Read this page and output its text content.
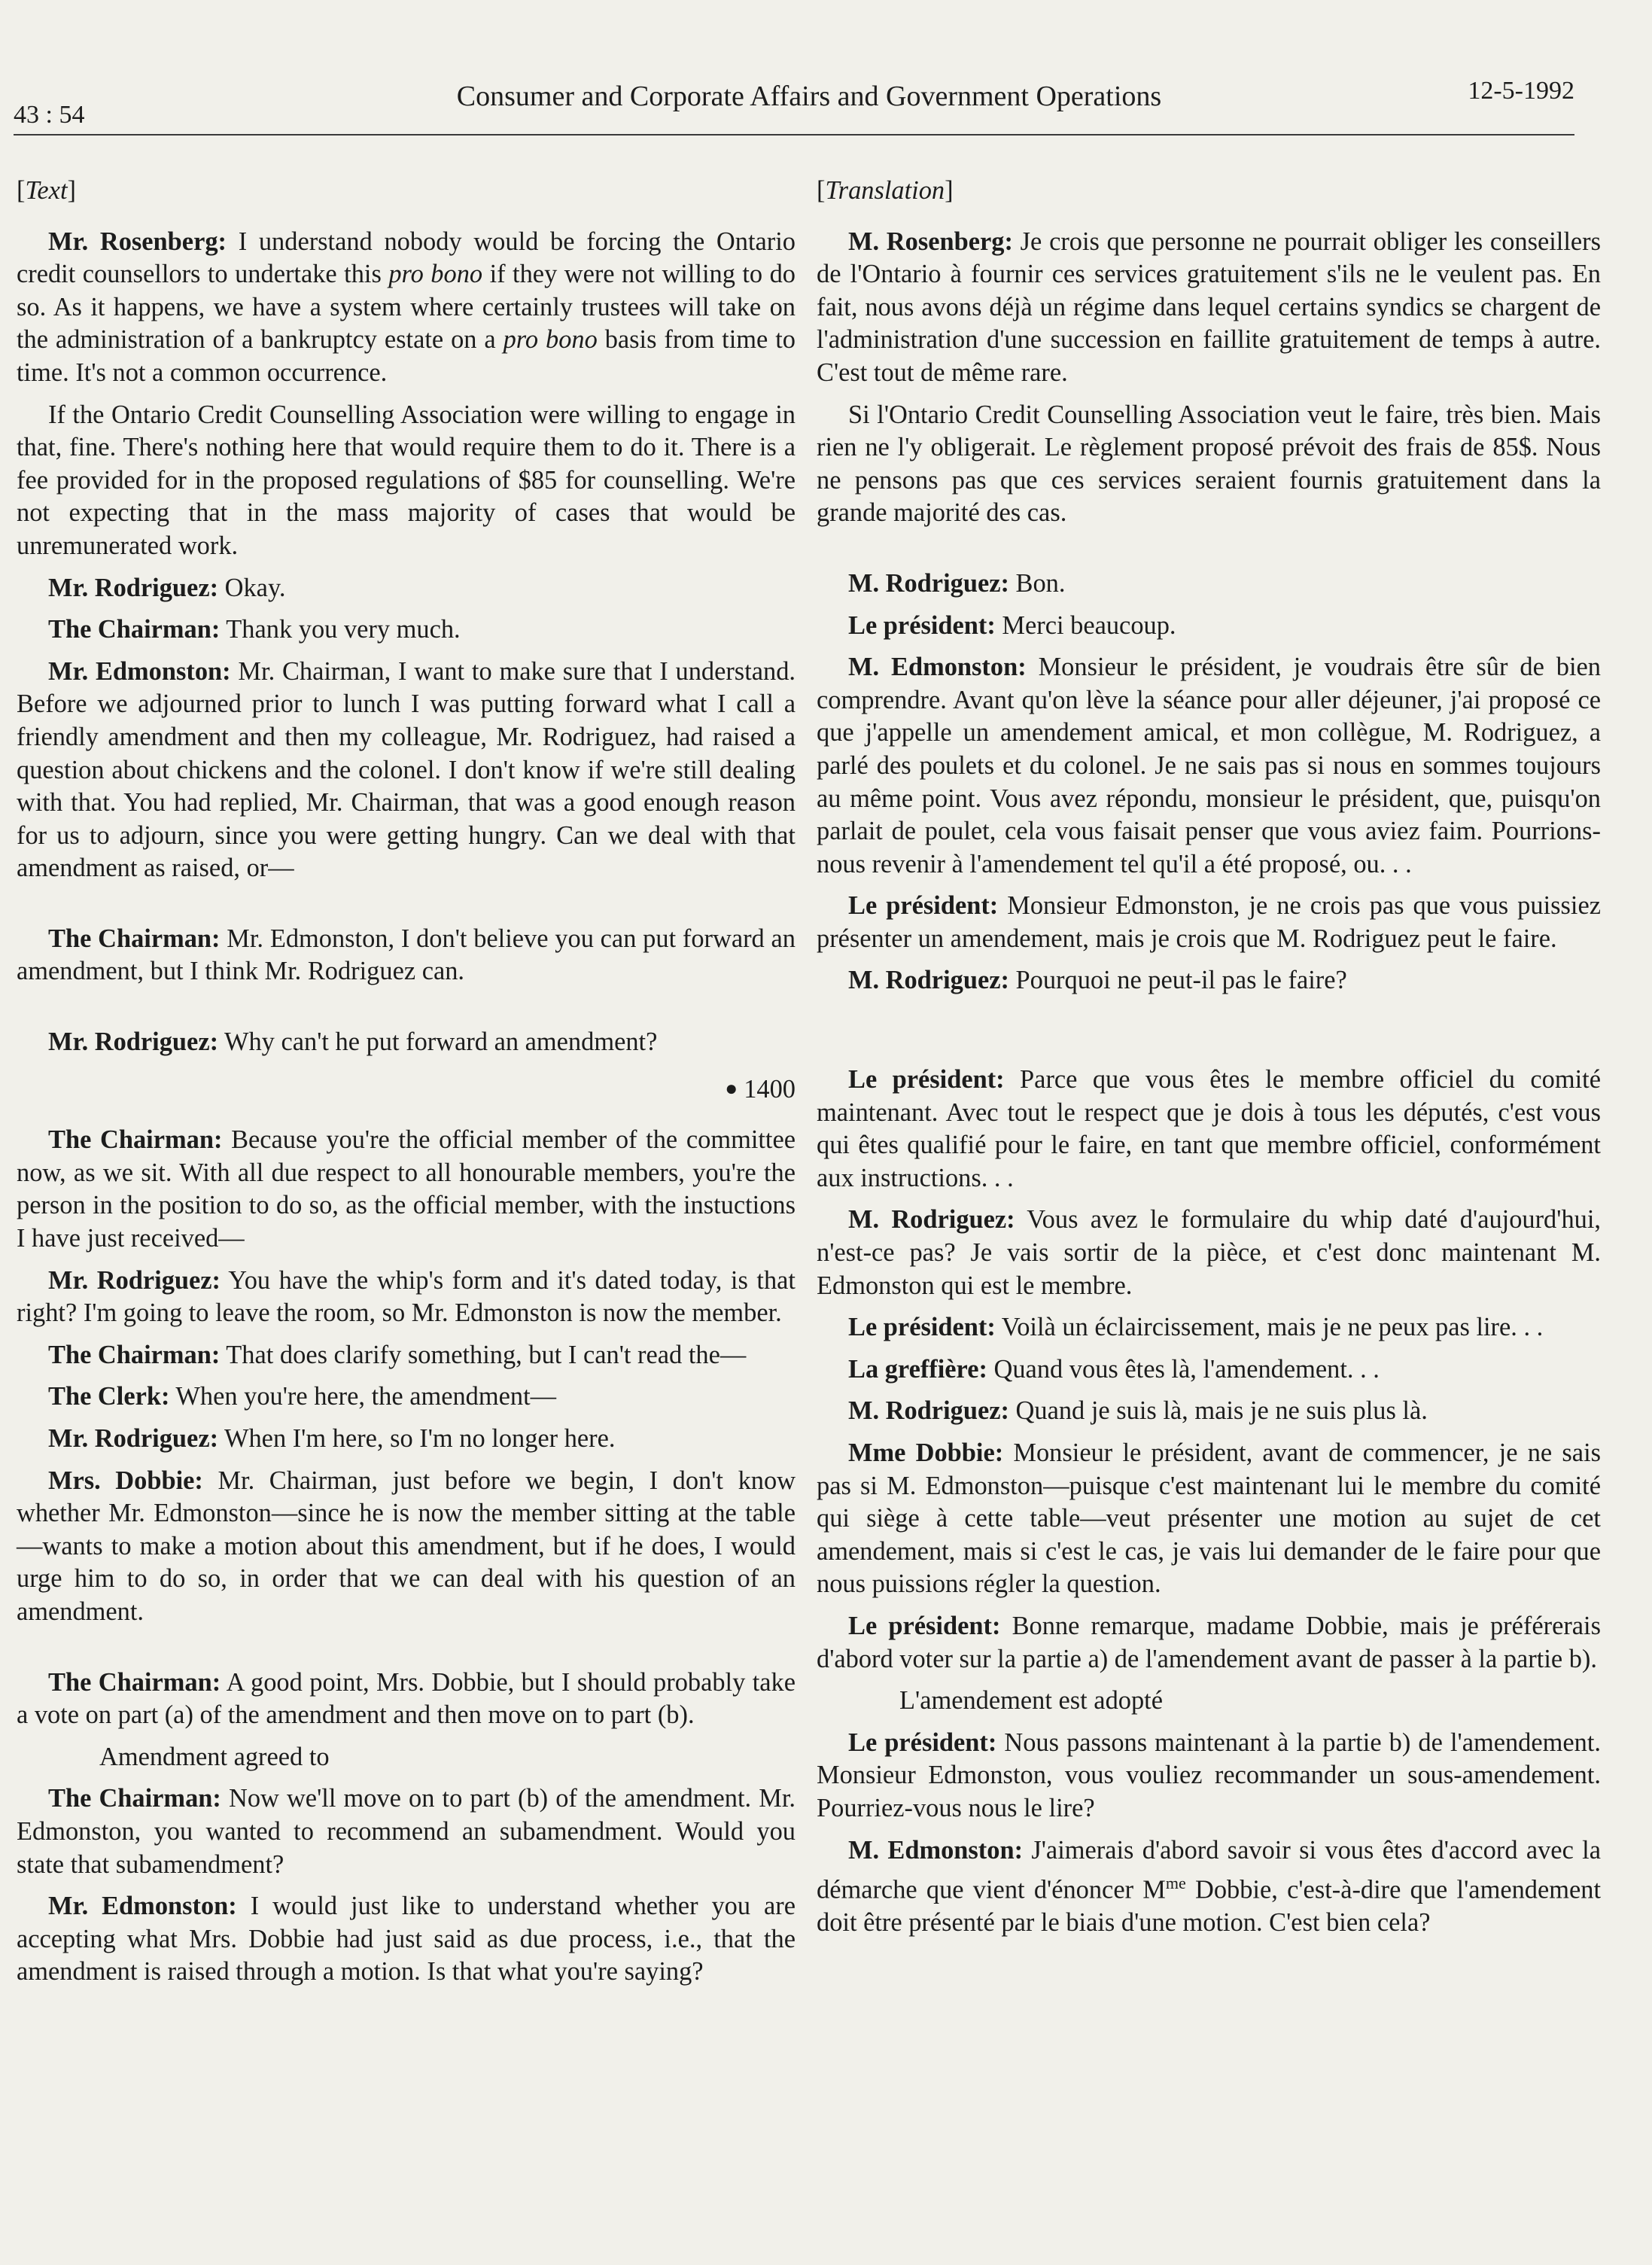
43 : 54
Consumer and Corporate Affairs and Government Operations	12-5-1992
[Text]

Mr. Rosenberg: I understand nobody would be forcing the Ontario credit counsellors to undertake this pro bono if they were not willing to do so. As it happens, we have a system where certainly trustees will take on the administration of a bankruptcy estate on a pro bono basis from time to time. It's not a common occurrence.

If the Ontario Credit Counselling Association were willing to engage in that, fine. There's nothing here that would require them to do it. There is a fee provided for in the proposed regulations of $85 for counselling. We're not expecting that in the mass majority of cases that would be unremunerated work.

Mr. Rodriguez: Okay.

The Chairman: Thank you very much.

Mr. Edmonston: Mr. Chairman, I want to make sure that I understand. Before we adjourned prior to lunch I was putting forward what I call a friendly amendment and then my colleague, Mr. Rodriguez, had raised a question about chickens and the colonel. I don't know if we're still dealing with that. You had replied, Mr. Chairman, that was a good enough reason for us to adjourn, since you were getting hungry. Can we deal with that amendment as raised, or—

The Chairman: Mr. Edmonston, I don't believe you can put forward an amendment, but I think Mr. Rodriguez can.

Mr. Rodriguez: Why can't he put forward an amendment?

● 1400

The Chairman: Because you're the official member of the committee now, as we sit. With all due respect to all honourable members, you're the person in the position to do so, as the official member, with the instuctions I have just received—

Mr. Rodriguez: You have the whip's form and it's dated today, is that right? I'm going to leave the room, so Mr. Edmonston is now the member.

The Chairman: That does clarify something, but I can't read the—

The Clerk: When you're here, the amendment—

Mr. Rodriguez: When I'm here, so I'm no longer here.

Mrs. Dobbie: Mr. Chairman, just before we begin, I don't know whether Mr. Edmonston—since he is now the member sitting at the table—wants to make a motion about this amendment, but if he does, I would urge him to do so, in order that we can deal with his question of an amendment.

The Chairman: A good point, Mrs. Dobbie, but I should probably take a vote on part (a) of the amendment and then move on to part (b).

Amendment agreed to

The Chairman: Now we'll move on to part (b) of the amendment. Mr. Edmonston, you wanted to recommend an subamendment. Would you state that subamendment?

Mr. Edmonston: I would just like to understand whether you are accepting what Mrs. Dobbie had just said as due process, i.e., that the amendment is raised through a motion. Is that what you're saying?

[Translation]

M. Rosenberg: Je crois que personne ne pourrait obliger les conseillers de l'Ontario à fournir ces services gratuitement s'ils ne le veulent pas. En fait, nous avons déjà un régime dans lequel certains syndics se chargent de l'administration d'une succession en faillite gratuitement de temps à autre. C'est tout de même rare.

Si l'Ontario Credit Counselling Association veut le faire, très bien. Mais rien ne l'y obligerait. Le règlement proposé prévoit des frais de 85$. Nous ne pensons pas que ces services seraient fournis gratuitement dans la grande majorité des cas.

M. Rodriguez: Bon.

Le président: Merci beaucoup.

M. Edmonston: Monsieur le président, je voudrais être sûr de bien comprendre. Avant qu'on lève la séance pour aller déjeuner, j'ai proposé ce que j'appelle un amendement amical, et mon collègue, M. Rodriguez, a parlé des poulets et du colonel. Je ne sais pas si nous en sommes toujours au même point. Vous avez répondu, monsieur le président, que, puisqu'on parlait de poulet, cela vous faisait penser que vous aviez faim. Pourrions-nous revenir à l'amendement tel qu'il a été proposé, ou. . .

Le président: Monsieur Edmonston, je ne crois pas que vous puissiez présenter un amendement, mais je crois que M. Rodriguez peut le faire.

M. Rodriguez: Pourquoi ne peut-il pas le faire?

Le président: Parce que vous êtes le membre officiel du comité maintenant. Avec tout le respect que je dois à tous les députés, c'est vous qui êtes qualifié pour le faire, en tant que membre officiel, conformément aux instructions. . .

M. Rodriguez: Vous avez le formulaire du whip daté d'aujourd'hui, n'est-ce pas? Je vais sortir de la pièce, et c'est donc maintenant M. Edmonston qui est le membre.

Le président: Voilà un éclaircissement, mais je ne peux pas lire. . .

La greffière: Quand vous êtes là, l'amendement. . .

M. Rodriguez: Quand je suis là, mais je ne suis plus là.

Mme Dobbie: Monsieur le président, avant de commencer, je ne sais pas si M. Edmonston—puisque c'est maintenant lui le membre du comité qui siège à cette table—veut présenter une motion au sujet de cet amendement, mais si c'est le cas, je vais lui demander de le faire pour que nous puissions régler la question.

Le président: Bonne remarque, madame Dobbie, mais je préférerais d'abord voter sur la partie a) de l'amendement avant de passer à la partie b).

L'amendement est adopté

Le président: Nous passons maintenant à la partie b) de l'amendement. Monsieur Edmonston, vous vouliez recommander un sous-amendement. Pourriez-vous nous le lire?

M. Edmonston: J'aimerais d'abord savoir si vous êtes d'accord avec la démarche que vient d'énoncer $M^{me}$ Dobbie, c'est-à-dire que l'amendement doit être présenté par le biais d'une motion. C'est bien cela?
